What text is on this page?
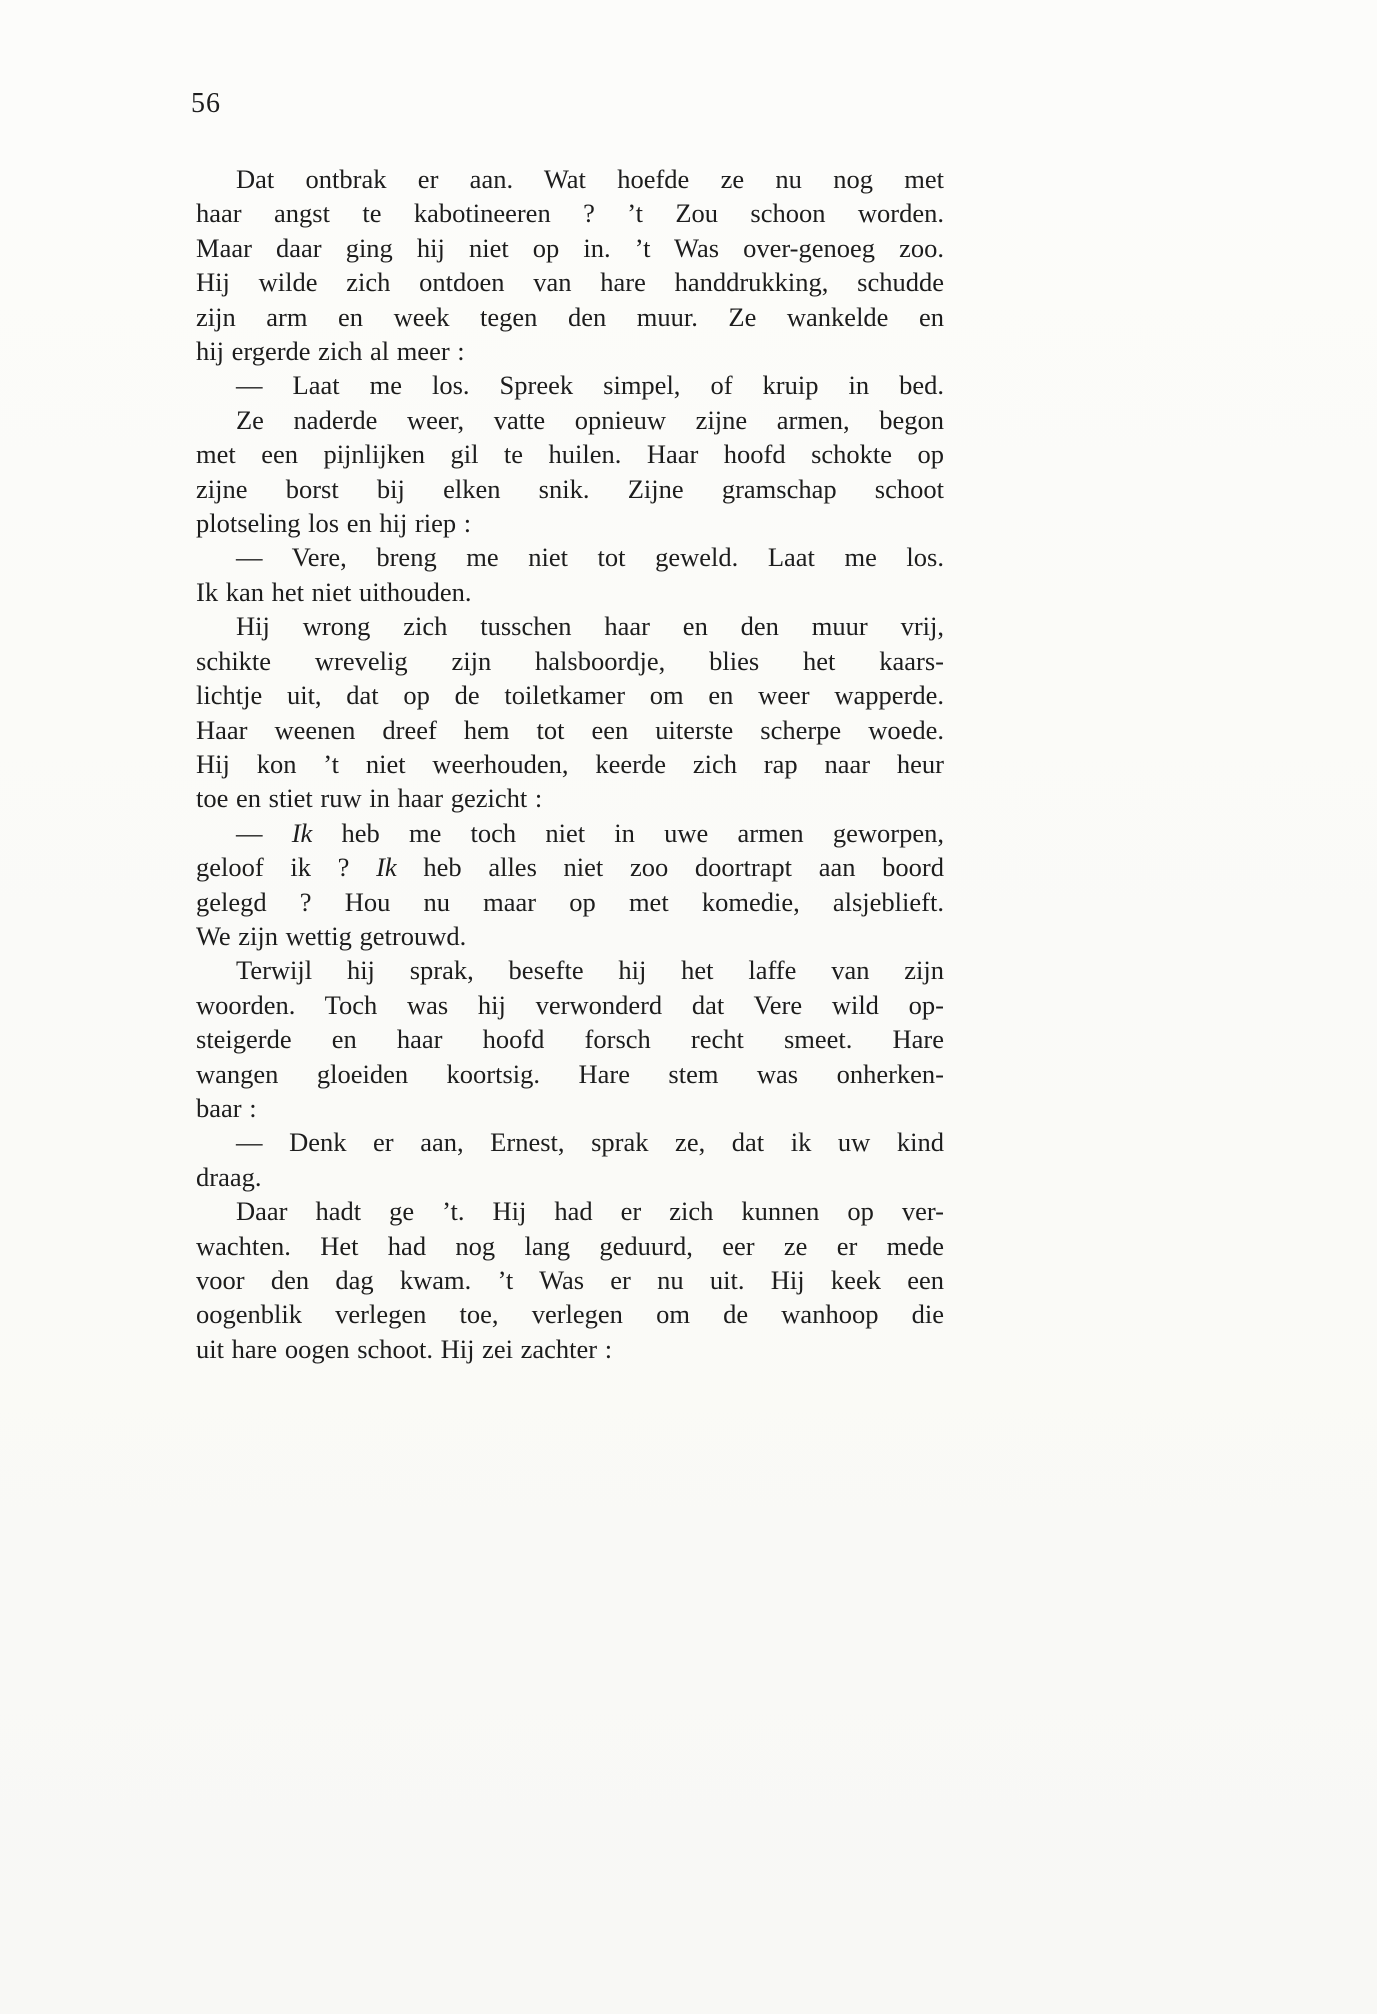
56
Dat ontbrak er aan. Wat hoefde ze nu nog met
haar angst te kabotineeren ? ’t Zou schoon worden.
Maar daar ging hij niet op in. ’t Was over-genoeg zoo.
Hij wilde zich ontdoen van hare handdrukking, schudde
zijn arm en week tegen den muur. Ze wankelde en
hij ergerde zich al meer :
— Laat me los. Spreek simpel, of kruip in bed.
Ze naderde weer, vatte opnieuw zijne armen, begon
met een pijnlijken gil te huilen. Haar hoofd schokte op
zijne borst bij elken snik. Zijne gramschap schoot
plotseling los en hij riep :
— Vere, breng me niet tot geweld. Laat me los.
Ik kan het niet uithouden.
Hij wrong zich tusschen haar en den muur vrij,
schikte wrevelig zijn halsboordje, blies het kaars-
lichtje uit, dat op de toiletkamer om en weer wapperde.
Haar weenen dreef hem tot een uiterste scherpe woede.
Hij kon ’t niet weerhouden, keerde zich rap naar heur
toe en stiet ruw in haar gezicht :
— Ik heb me toch niet in uwe armen geworpen,
geloof ik ? Ik heb alles niet zoo doortrapt aan boord
gelegd ? Hou nu maar op met komedie, alsjeblieft.
We zijn wettig getrouwd.
Terwijl hij sprak, besefte hij het laffe van zijn
woorden. Toch was hij verwonderd dat Vere wild op-
steigerde en haar hoofd forsch recht smeet. Hare
wangen gloeiden koortsig. Hare stem was onherken-
baar :
— Denk er aan, Ernest, sprak ze, dat ik uw kind
draag.
Daar hadt ge ’t. Hij had er zich kunnen op ver-
wachten. Het had nog lang geduurd, eer ze er mede
voor den dag kwam. ’t Was er nu uit. Hij keek een
oogenblik verlegen toe, verlegen om de wanhoop die
uit hare oogen schoot. Hij zei zachter :
